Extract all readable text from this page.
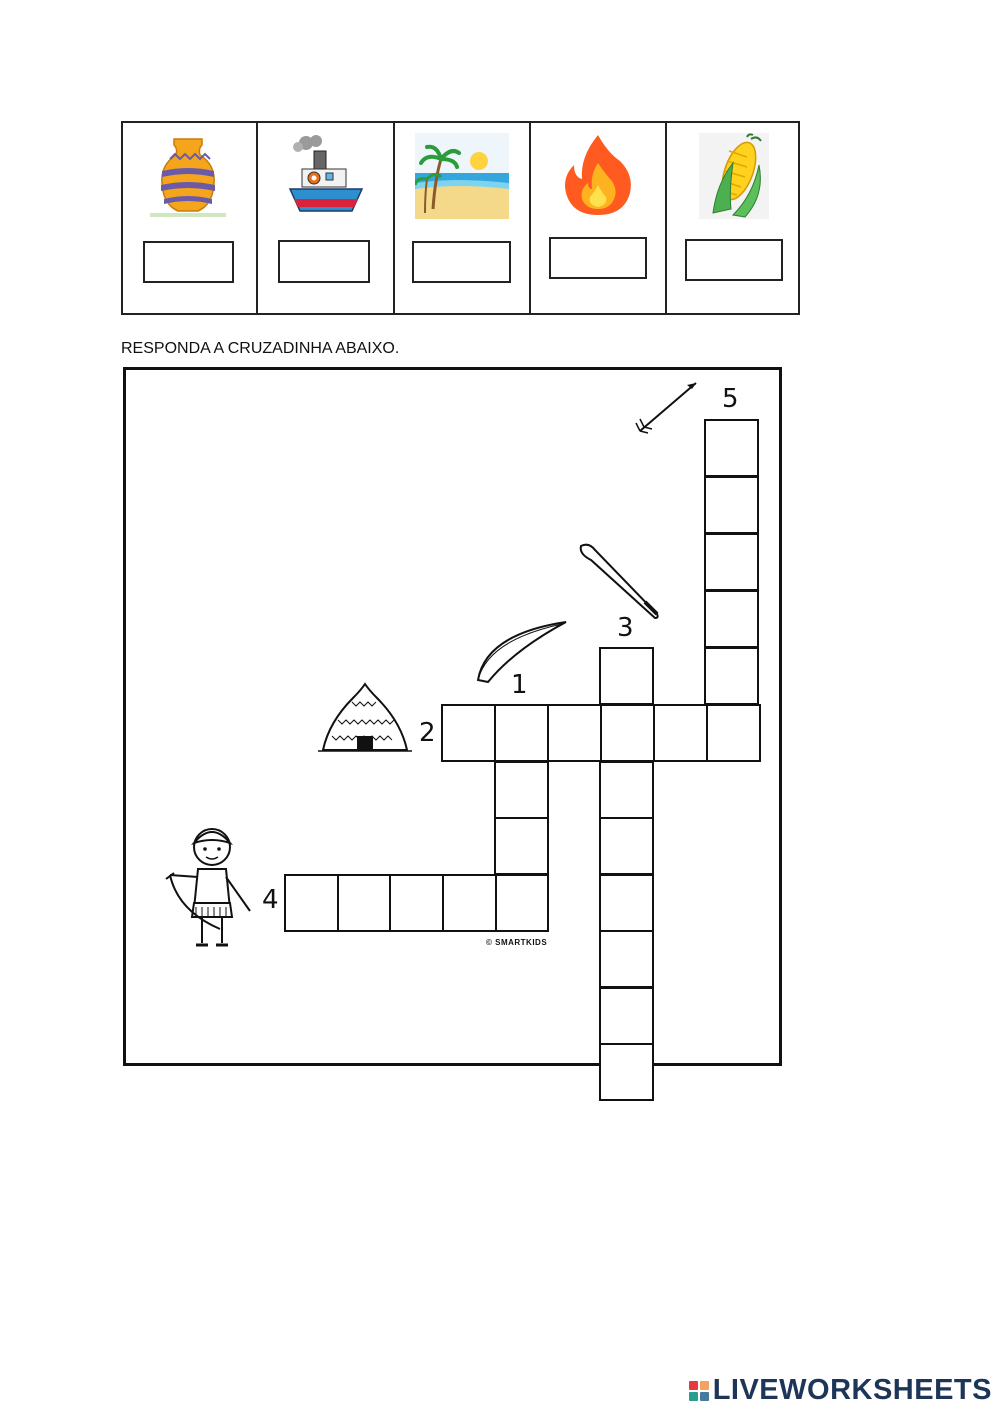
RESPONDA A CRUZADINHA ABAIXO.
1
2
3
4
5
© SMARTKIDS
LIVEWORKSHEETS
